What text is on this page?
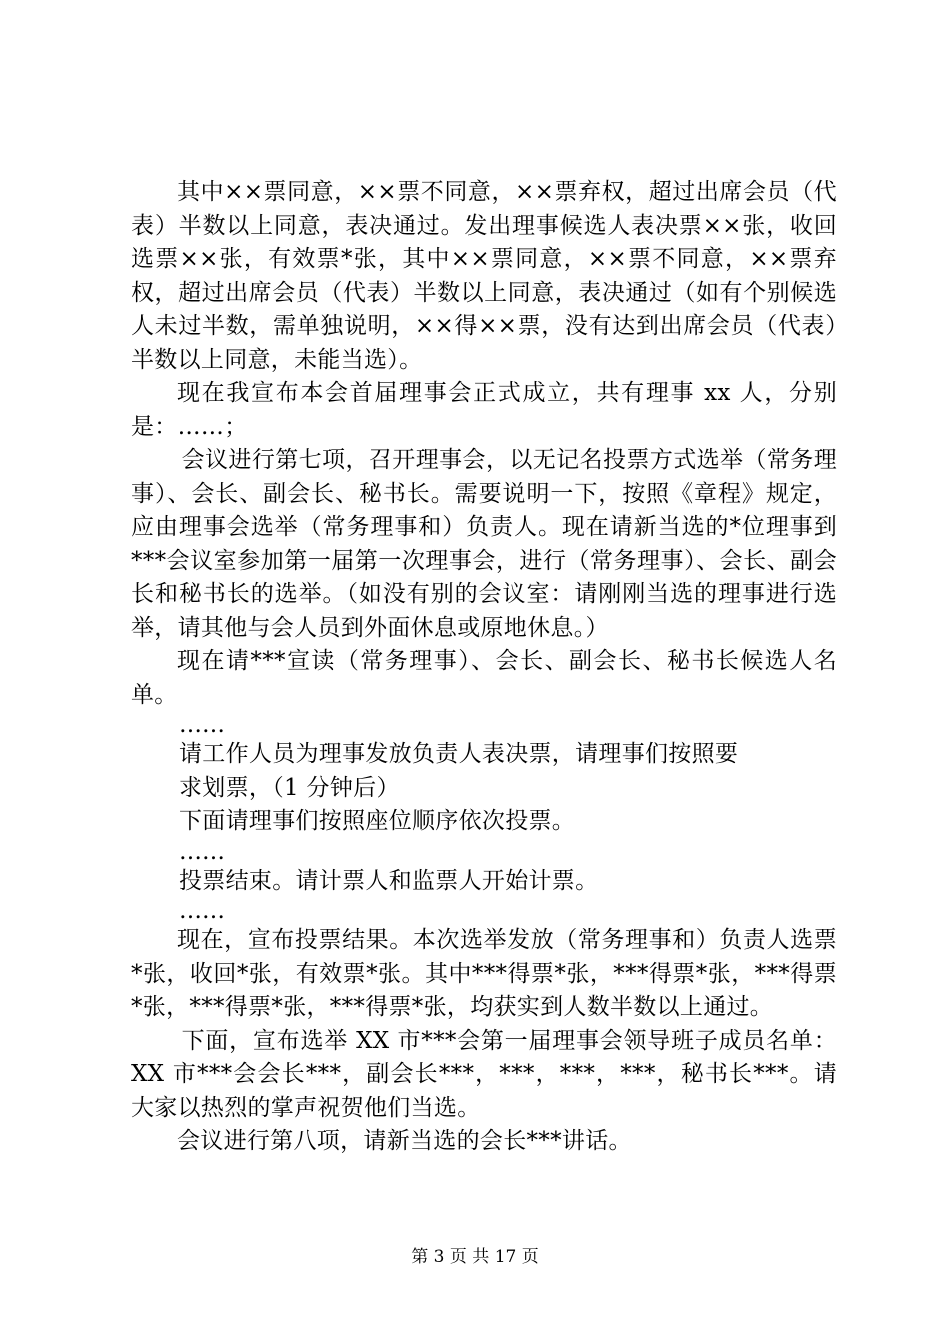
其中××票同意，××票不同意，××票弃权，超过出席会员（代表）半数以上同意，表决通过。发出理事候选人表决票××张，收回选票××张，有效票*张，其中××票同意，××票不同意，××票弃权，超过出席会员（代表）半数以上同意，表决通过（如有个别候选人未过半数，需单独说明，××得××票，没有达到出席会员（代表）半数以上同意，未能当选）。

现在我宣布本会首届理事会正式成立，共有理事 xx 人，分别是：……；

会议进行第七项，召开理事会，以无记名投票方式选举（常务理事）、会长、副会长、秘书长。需要说明一下，按照《章程》规定，应由理事会选举（常务理事和）负责人。现在请新当选的*位理事到***会议室参加第一届第一次理事会，进行（常务理事）、会长、副会长和秘书长的选举。（如没有别的会议室：请刚刚当选的理事进行选举，请其他与会人员到外面休息或原地休息。）

现在请***宣读（常务理事）、会长、副会长、秘书长候选人名单。

……

请工作人员为理事发放负责人表决票，请理事们按照要

求划票，（1 分钟后）

下面请理事们按照座位顺序依次投票。

……

投票结束。请计票人和监票人开始计票。

……

现在，宣布投票结果。本次选举发放（常务理事和）负责人选票*张，收回*张，有效票*张。其中***得票*张，***得票*张，***得票*张，***得票*张，***得票*张，均获实到人数半数以上通过。

下面，宣布选举 XX 市***会第一届理事会领导班子成员名单：XX 市***会会长***，副会长***，***，***，***，秘书长***。请大家以热烈的掌声祝贺他们当选。

会议进行第八项，请新当选的会长***讲话。

第 3 页 共 17 页
